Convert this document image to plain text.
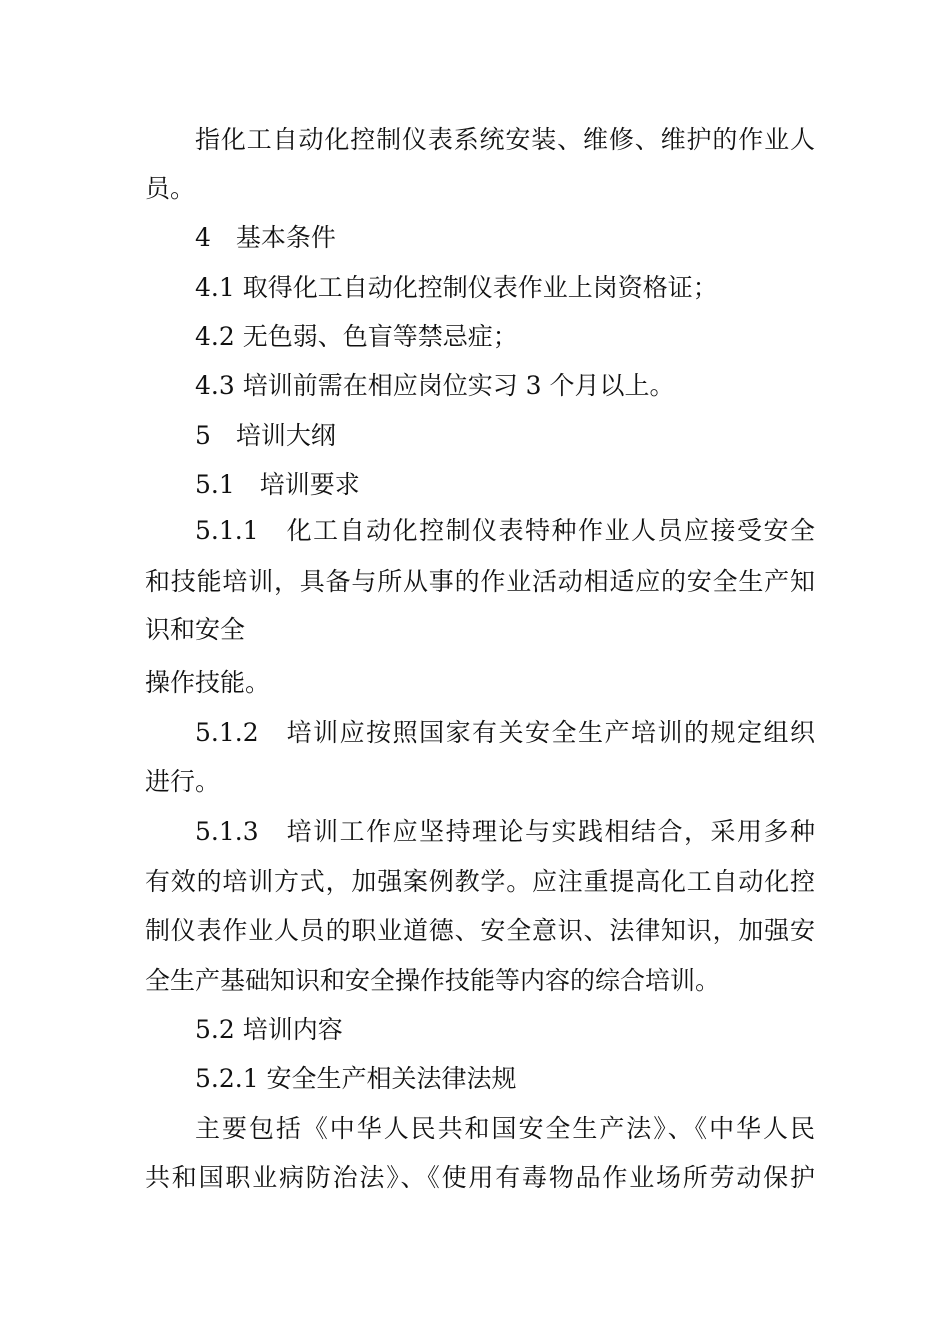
指化工自动化控制仪表系统安装、维修、维护的作业人
员。
4　基本条件
4.1 取得化工自动化控制仪表作业上岗资格证；
4.2 无色弱、色盲等禁忌症；
4.3 培训前需在相应岗位实习 3 个月以上。
5　培训大纲
5.1　培训要求
5.1.1　化工自动化控制仪表特种作业人员应接受安全
和技能培训，具备与所从事的作业活动相适应的安全生产知
识和安全
操作技能。
5.1.2　培训应按照国家有关安全生产培训的规定组织
进行。
5.1.3　培训工作应坚持理论与实践相结合，采用多种
有效的培训方式，加强案例教学。应注重提高化工自动化控
制仪表作业人员的职业道德、安全意识、法律知识，加强安
全生产基础知识和安全操作技能等内容的综合培训。
5.2 培训内容
5.2.1 安全生产相关法律法规
主要包括《中华人民共和国安全生产法》、《中华人民
共和国职业病防治法》、《使用有毒物品作业场所劳动保护
